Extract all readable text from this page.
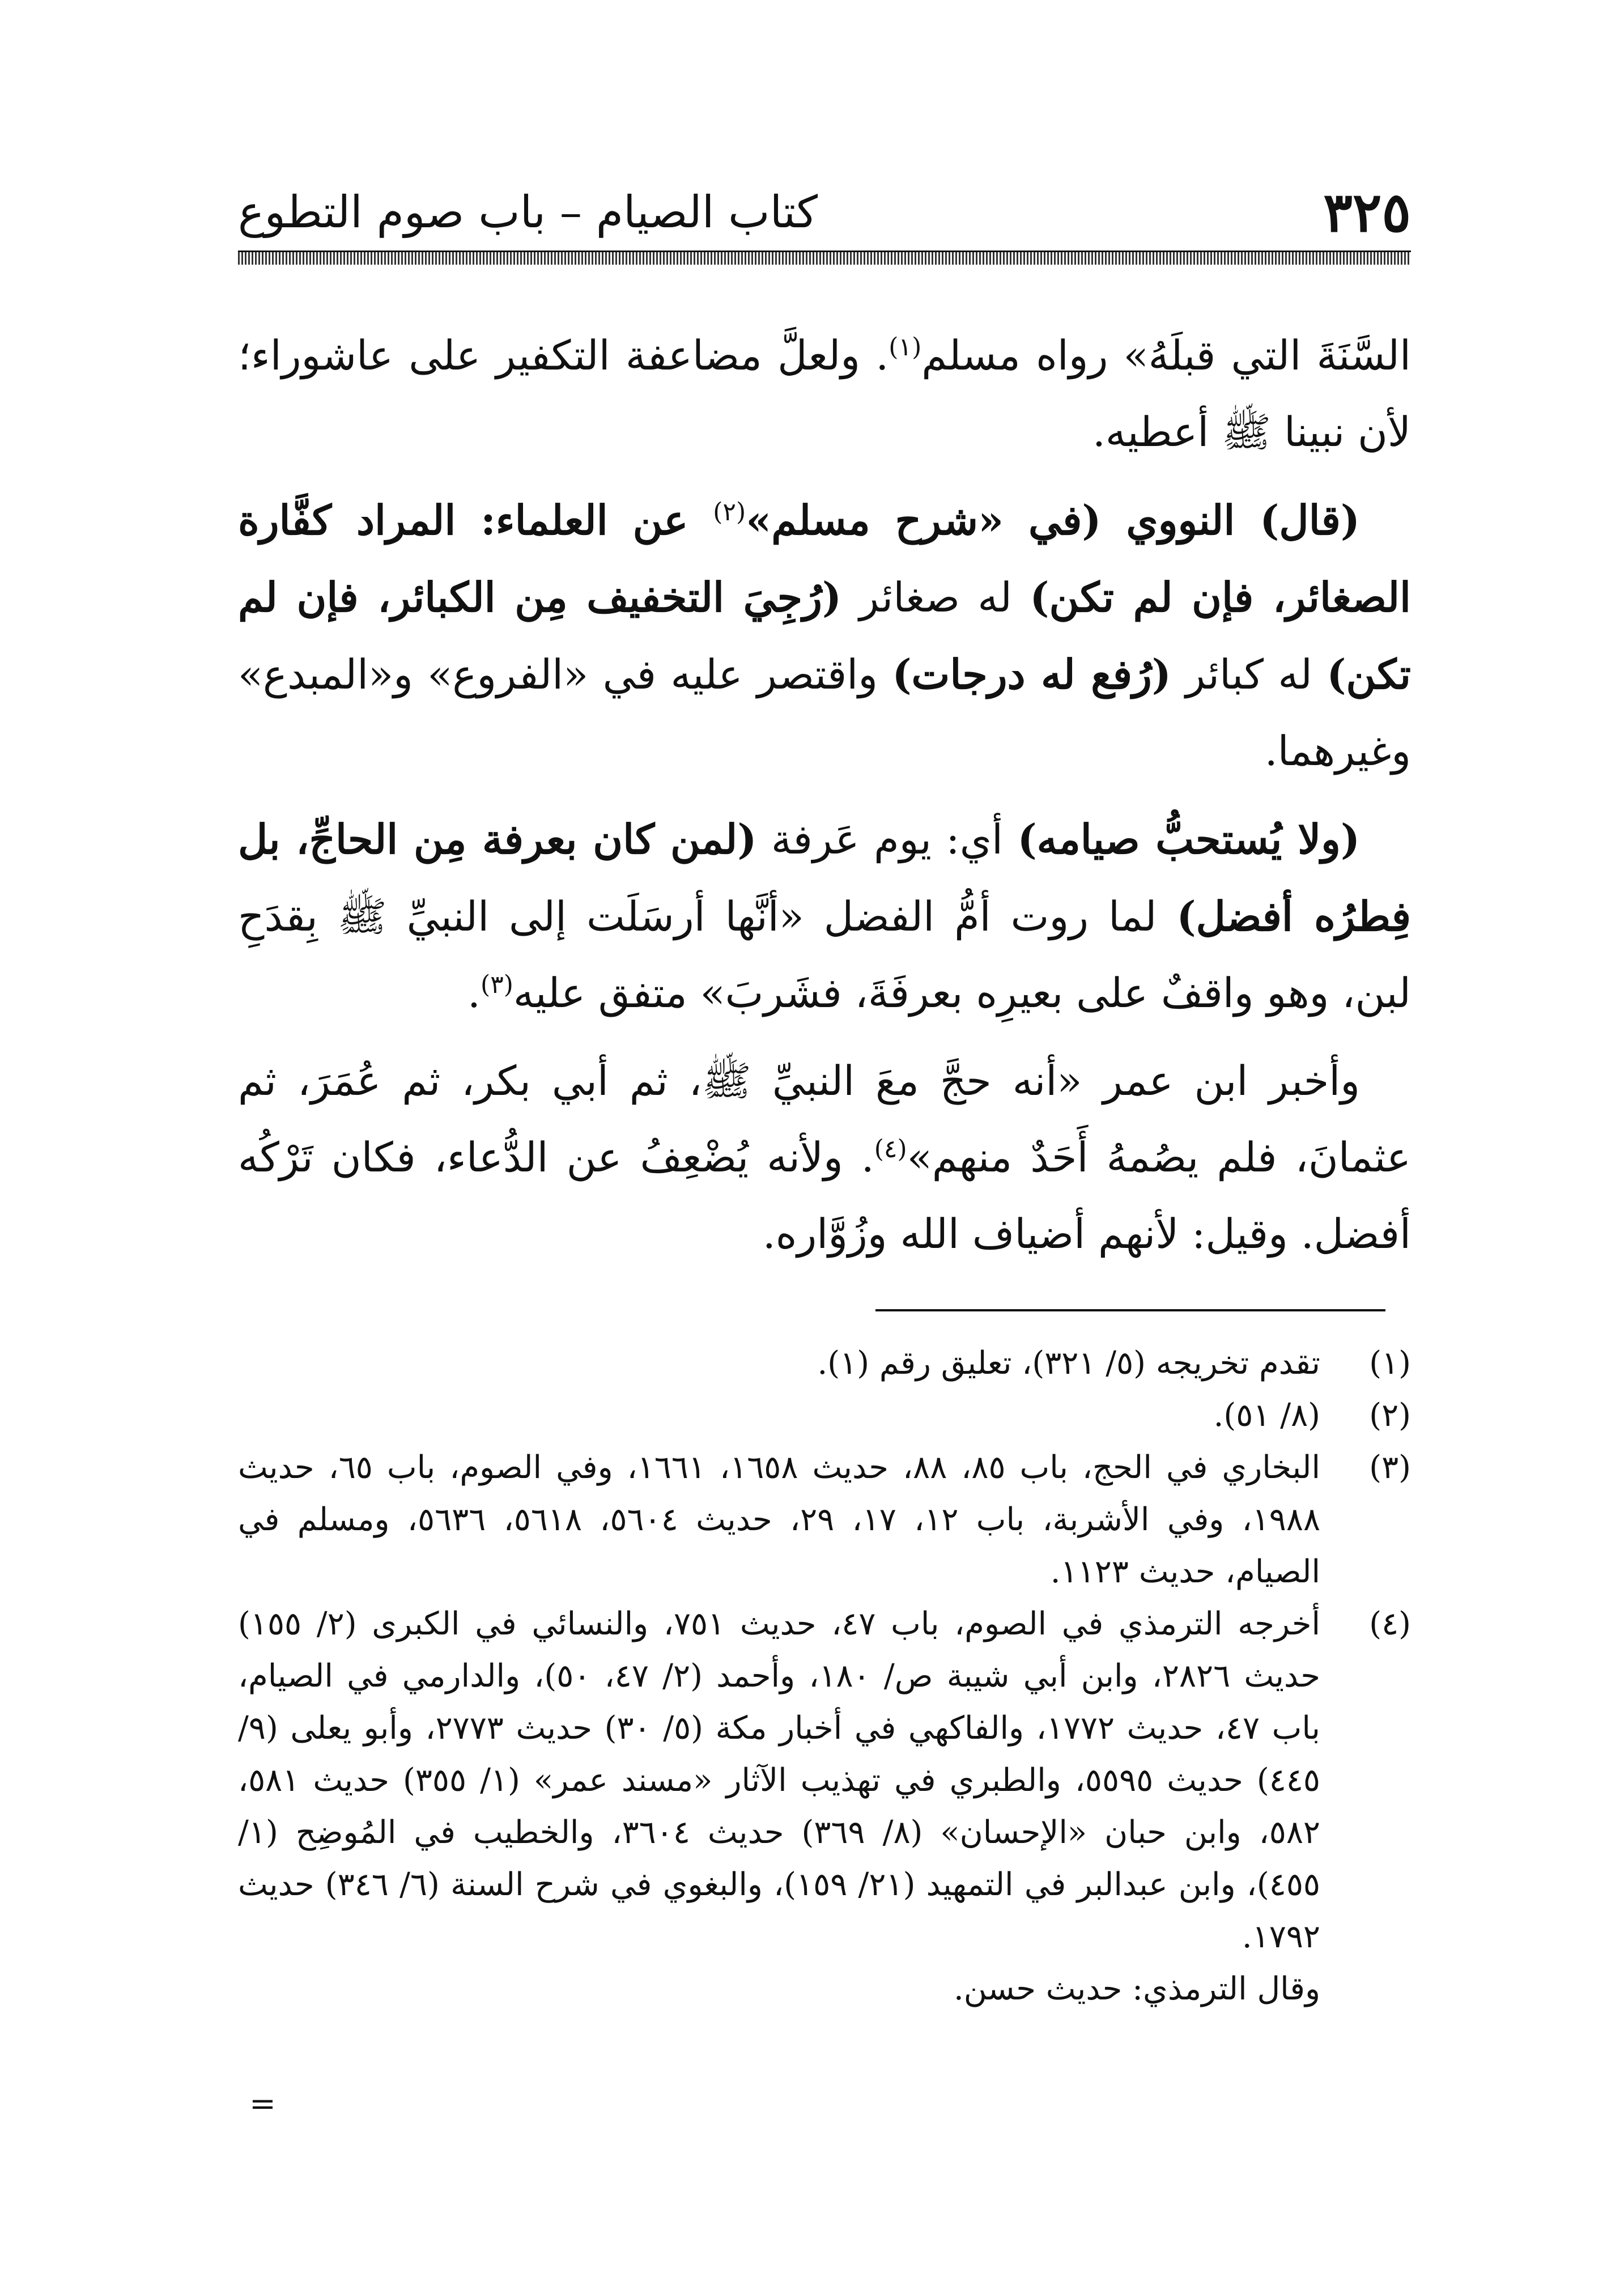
٣٢٥
كتاب الصيام – باب صوم التطوع

السَّنَةَ التي قبلَهُ» رواه مسلم$^{(١)}$. ولعلَّ مضاعفة التكفير على عاشوراء؛ لأن نبينا ﷺ أعطيه.

(قال) النووي (في «شرح مسلم»$^{(٢)}$ عن العلماء: المراد كفَّارة الصغائر، فإن لم تكن) له صغائر (رُجِيَ التخفيف مِن الكبائر، فإن لم تكن) له كبائر (رُفع له درجات) واقتصر عليه في «الفروع» و«المبدع» وغيرهما.

(ولا يُستحبُّ صيامه) أي: يوم عَرفة (لمن كان بعرفة مِن الحاجِّ، بل فِطرُه أفضل) لما روت أمُّ الفضل «أنَّها أرسَلَت إلى النبيِّ ﷺ بِقدَحِ لبن، وهو واقفٌ على بعيرِه بعرفَةَ، فشَربَ» متفق عليه$^{(٣)}$.

وأخبر ابن عمر «أنه حجَّ معَ النبيِّ ﷺ، ثم أبي بكر، ثم عُمَرَ، ثم عثمانَ، فلم يصُمهُ أَحَدٌ منهم»$^{(٤)}$. ولأنه يُضْعِفُ عن الدُّعاء، فكان تَرْكُه أفضل. وقيل: لأنهم أضياف الله وزُوَّاره.

(١)
تقدم تخريجه (٥/ ٣٢١)، تعليق رقم (١).

(٢)
(٨/ ٥١).

(٣)
البخاري في الحج، باب ٨٥، ٨٨، حديث ١٦٥٨، ١٦٦١، وفي الصوم، باب ٦٥، حديث ١٩٨٨، وفي الأشربة، باب ١٢، ١٧، ٢٩، حديث ٥٦٠٤، ٥٦١٨، ٥٦٣٦، ومسلم في الصيام، حديث ١١٢٣.

(٤)
أخرجه الترمذي في الصوم، باب ٤٧، حديث ٧٥١، والنسائي في الكبرى (٢/ ١٥٥) حديث ٢٨٢٦، وابن أبي شيبة ص/ ١٨٠، وأحمد (٢/ ٤٧، ٥٠)، والدارمي في الصيام، باب ٤٧، حديث ١٧٧٢، والفاكهي في أخبار مكة (٥/ ٣٠) حديث ٢٧٧٣، وأبو يعلى (٩/ ٤٤٥) حديث ٥٥٩٥، والطبري في تهذيب الآثار «مسند عمر» (١/ ٣٥٥) حديث ٥٨١، ٥٨٢، وابن حبان «الإحسان» (٨/ ٣٦٩) حديث ٣٦٠٤، والخطيب في المُوضِح (١/ ٤٥٥)، وابن عبدالبر في التمهيد (٢١/ ١٥٩)، والبغوي في شرح السنة (٦/ ٣٤٦) حديث ١٧٩٢.

وقال الترمذي: حديث حسن.

=
